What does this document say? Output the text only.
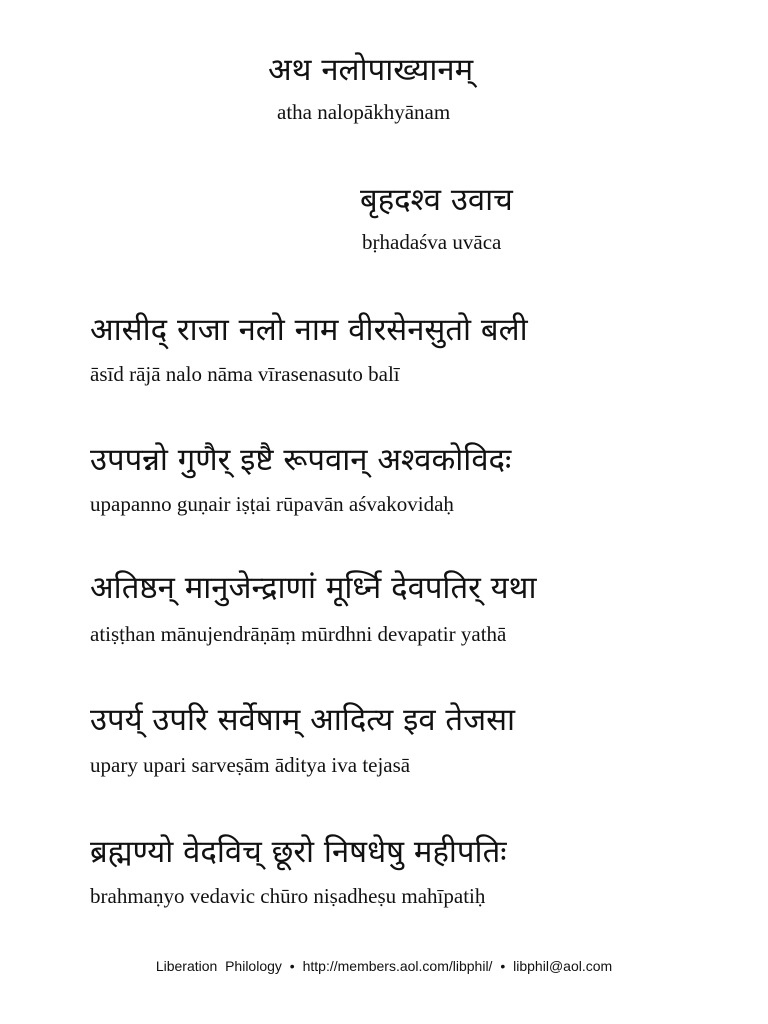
अथ नलोपाख्यानम्
atha nalopākhyānam
बृहदश्व उवाच
bṛhadaśva uvāca
आसीद् राजा नलो नाम वीरसेनसुतो बली
āsīd rājā nalo nāma vīrasenasuto balī
उपपन्नो गुणैर् इष्टै रूपवान् अश्वकोविदः
upapanno guṇair iṣṭai rūpavān aśvakovidaḥ
अतिष्ठन् मानुजेन्द्राणां मूर्ध्नि देवपतिर् यथा
atiṣṭhan mānujendrāṇāṃ mūrdhni devapatir yathā
उपर्य् उपरि सर्वेषाम् आदित्य इव तेजसा
upary upari sarveṣām āditya iva tejasā
ब्रह्मण्यो वेदविच् छूरो निषधेषु महीपतिः
brahmaṇyo vedavic chūro niṣadheṣu mahīpatiḥ
Liberation  Philology • http://members.aol.com/libphil/ • libphil@aol.com
